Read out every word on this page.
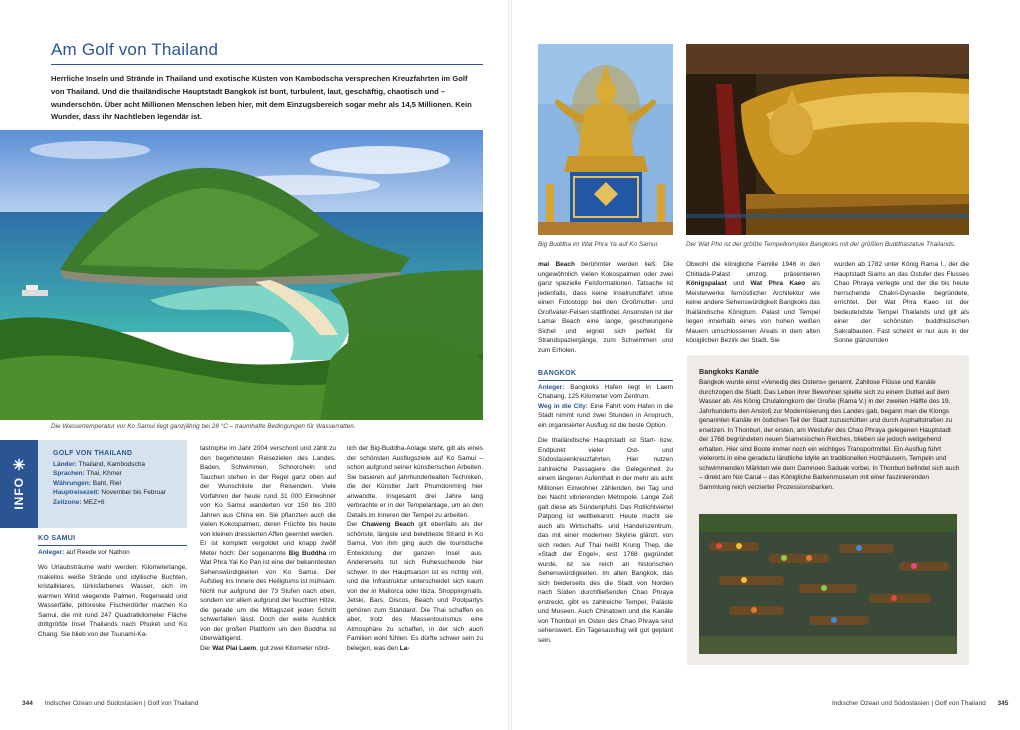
Am Golf von Thailand

Herrliche Inseln und Strände in Thailand und exotische Küsten von Kambodscha versprechen Kreuzfahrten im Golf von Thailand. Und die thailändische Hauptstadt Bangkok ist bunt, turbulent, laut, geschäftig, chaotisch und – wunderschön. Über acht Millionen Menschen leben hier, mit dem Einzugsbereich sogar mehr als 14,5 Millionen. Kein Wunder, dass ihr Nachtleben legendär ist.

Die Wassertemperatur vor Ko Samui liegt ganzjährig bei 28 °C – traumhafte Bedingungen für Wasserratten.

✳
INFO
GOLF VON THAILAND
Länder: Thailand, Kambodscha
Sprachen: Thai, Khmer
Währungen: Baht, Riel
Hauptreisezeit: November bis Februar
Zeitzone: MEZ+6
KO SAMUI

Anleger: auf Reede vor Nathon

Wo Urlaubsträume wahr werden: Kilometerlange, makellos weiße Strände und idyllische Buchten, kristallklares, türkisfarbenes Wasser, sich im warmen Wind wiegende Palmen, Regenwald und Wasserfälle, pittoreske Fischerdörfer machen Ko Samui, die mit rund 247 Quadratkilometer Fläche drittgrößte Insel Thailands nach Phuket und Ko Chang. Sie blieb von der Tsunami-Ka-

tastrophe im Jahr 2004 verschont und zählt zu den begehrtesten Reisezielen des Landes. Baden, Schwimmen, Schnorcheln und Tauchen stehen in der Regel ganz oben auf der Wunschliste der Reisenden. Viele Vorfahren der heute rund 31 000 Einwohner von Ko Samui wanderten vor 150 bis 200 Jahren aus China ein. Sie pflanzten auch die vielen Kokospalmen, deren Früchte bis heute von kleinen dressierten Affen geerntet werden.

Er ist komplett vergoldet und knapp zwölf Meter hoch: Der sogenannte Big Buddha im Wat Phra Yai Ko Pan ist eine der bekanntesten Sehenswürdigkeiten von Ko Samui. Der Aufstieg ins Innere des Heiligtums ist mühsam. Nicht nur aufgrund der 73 Stufen nach oben, sondern vor allem aufgrund der feuchten Hitze, die gerade um die Mittagszeit jeden Schritt schwerfallen lässt. Doch der weite Ausblick von der großen Plattform um den Buddha ist überwältigend.

Der Wat Plai Laem, gut zwei Kilometer nörd-

lich der Big-Buddha-Anlage steht, gilt als eines der schönsten Ausflugsziele auf Ko Samui – schon aufgrund seiner künstlerischen Arbeiten. Sie basieren auf jahrhundertealten Techniken, die der Künstler Jarit Phumdonming hier anwandte. Insgesamt drei Jahre lang verbrachte er in der Tempelanlage, um an den Details im Inneren der Tempel zu arbeiten.

Der Chaweng Beach gilt ebenfalls als der schönste, längste und belebteste Strand in Ko Samui. Von ihm ging auch die touristische Entwicklung der ganzen Insel aus. Andererseits tut sich Ruhesuchende hier schwer. In der Hauptsaison ist es richtig voll, und die Infrastruktur unterscheidet sich kaum von der in Mallorca oder Ibiza. Shoppingmalls, Jetski, Bars, Discos, Beach und Poolpartys gehören zum Standard. Die Thai schaffen es aber, trotz des Massentourismus eine Atmosphäre zu schaffen, in der sich auch Familien wohl fühlen. Es dürfte schwer sein zu belegen, was den La-

344 Indischer Ozean und Südostasien | Golf von Thailand

Big Buddha im Wat Phra Ya auf Ko Samui.	Der Wat Pho ist der größte Tempelkomplex Bangkoks mit der größten Buddhastatue Thailands.

mai Beach berühmter werden ließ: Die ungewöhnlich vielen Kokospalmen oder zwei ganz spezielle Felsformationen. Tatsache ist jedenfalls, dass keine Inselrundfahrt ohne einen Fotostopp bei den Großmutter- und Großvater-Felsen stattfindet. Ansonsten ist der Lamai Beach eine lange, geschwungene Sichel und eignet sich perfekt für Strandspaziergänge, zum Schwimmen und zum Erholen.

BANGKOK

Anleger: Bangkoks Hafen liegt in Laem Chabang, 125 Kilometer vom Zentrum.

Weg in die City: Eine Fahrt vom Hafen in die Stadt nimmt rund zwei Stunden in Anspruch, ein organisierter Ausflug ist die beste Option.

Die thailändische Hauptstadt ist Start- bzw. Endpunkt vieler Ost- und Südostasienkreuzfahrten. Hier nutzen zahlreiche Passagiere die Gelegenheit zu einem längeren Aufenthalt in der mehr als acht Millionen Einwohner zählenden, bei Tag und bei Nacht vibrierenden Metropole. Lange Zeit galt diese als Sündenpfuhl. Das Rotlichtviertel Patpong ist weltbekannt. Heute macht sie auch als Wirtschafts- und Handelszentrum, das mit einer modernen Skyline glänzt, von sich reden. Auf Thai heißt Krung Thep, die »Stadt der Engel«, erst 1768 gegründet wurde, ist sie reich an historischen Sehenswürdigkeiten. Im alten Bangkok, das sich beiderseits des die Stadt von Norden nach Süden durchfließenden Chao Phraya erstreckt, gibt es zahlreiche Tempel, Paläste und Museen. Auch Chinatown und die Kanäle von Thonburi im Osten des Chao Phraya sind sehenswert. Ein Tagesausflug will gut geplant sein.

Obwohl die königliche Familie 1946 in den Chitlada-Palast umzog, präsentieren Königspalast und Wat Phra Kaeo als Meisterwerke fernöstlicher Architektur wie keine andere Sehenswürdigkeit Bangkoks das thailändische Königtum. Palast und Tempel liegen innerhalb eines von hohen weißen Mauern umschlossenen Areals in dem alten königlichen Bezirk der Stadt. Sie

wurden ab 1782 unter König Rama I., der die Hauptstadt Siams an das Ostufer des Flusses Chao Phraya verlegte und der die bis heute herrschende Chakri-Dynastie begründete, errichtet. Der Wat Phra Kaeo ist der bedeutendste Tempel Thailands und gilt als einer der schönsten buddhistischen Sakralbauten. Fast scheint er nur aus in der Sonne glänzenden

Bangkoks Kanäle

Bangkok wurde einst »Venedig des Ostens« genannt. Zahllose Flüsse und Kanäle durchzogen die Stadt. Das Leben ihrer Bewohner spielte sich zu einem Gutteil auf dem Wasser ab. Als König Chulalongkorn der Große (Rama V.) in der zweiten Hälfte des 19. Jahrhunderts den Anstoß zur Modernisierung des Landes gab, begann man die Klongs genannten Kanäle im östlichen Teil der Stadt zuzuschütten und durch Asphaltstraßen zu ersetzen. In Thonburi, der ersten, am Westufer des Chao Phraya gelegenen Hauptstadt der 1768 begründeten neuen Siamesischen Reiches, blieben sie jedoch weitgehend erhalten. Hier sind Boote immer noch ein wichtiges Transportmittel. Ein Ausflug führt vielerorts in eine geradezu ländliche Idylle an traditionellen Holzhäusern, Tempeln und schwimmenden Märkten wie dem Damnoen Saduak vorbei. In Thonburi befindet sich auch – direkt am Noi Canal – das Königliche Barkenmuseum mit einer faszinierenden Sammlung reich verzierter Prozessionsbarken.

Indischer Ozean und Südostasien | Golf von Thailand 345
